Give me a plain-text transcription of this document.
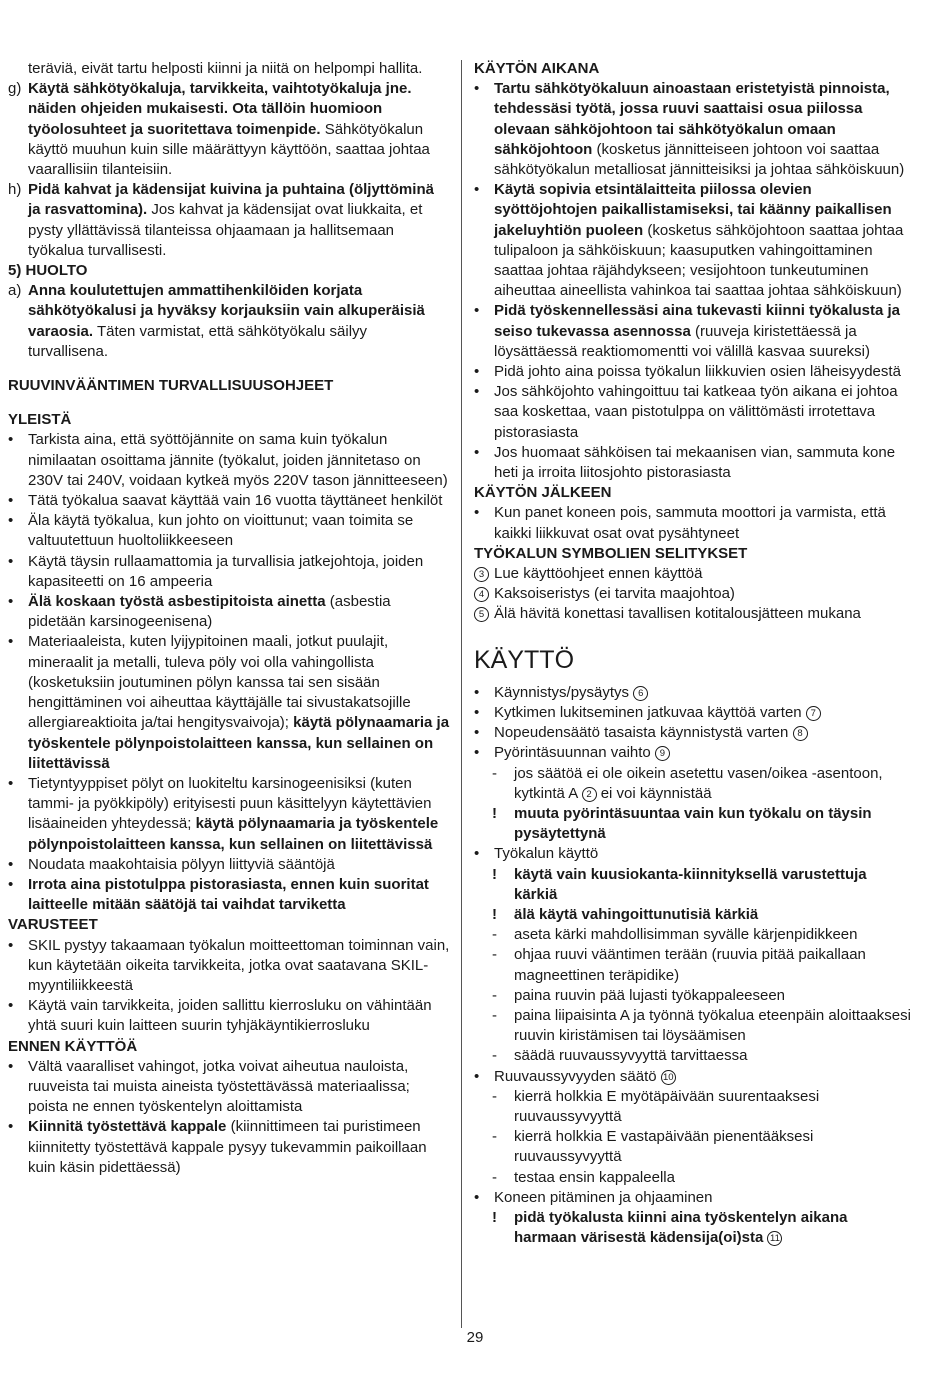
teräviä, eivät tartu helposti kiinni ja niitä on helpompi hallita.

g) Käytä sähkötyökaluja, tarvikkeita, vaihtotyökaluja jne. näiden ohjeiden mukaisesti. Ota tällöin huomioon työolosuhteet ja suoritettava toimenpide. Sähkötyökalun käyttö muuhun kuin sille määrättyyn käyttöön, saattaa johtaa vaarallisiin tilanteisiin.
h) Pidä kahvat ja kädensijat kuivina ja puhtaina (öljyttöminä ja rasvattomina). Jos kahvat ja kädensijat ovat liukkaita, et pysty yllättävissä tilanteissa ohjaamaan ja hallitsemaan työkalua turvallisesti.

5) HUOLTO

a) Anna koulutettujen ammattihenkilöiden korjata sähkötyökalusi ja hyväksy korjauksiin vain alkuperäisiä varaosia. Täten varmistat, että sähkötyökalu säilyy turvallisena.

RUUVINVÄÄNTIMEN TURVALLISUUSOHJEET

YLEISTÄ

• Tarkista aina, että syöttöjännite on sama kuin työkalun nimilaatan osoittama jännite (työkalut, joiden jännitetaso on 230V tai 240V, voidaan kytkeä myös 220V tason jännitteeseen)
• Tätä työkalua saavat käyttää vain 16 vuotta täyttäneet henkilöt
• Äla käytä työkalua, kun johto on vioittunut; vaan toimita se valtuutettuun huoltoliikkeeseen
• Käytä täysin rullaamattomia ja turvallisia jatkejohtoja, joiden kapasiteetti on 16 ampeeria
• Älä koskaan työstä asbestipitoista ainetta (asbestia pidetään karsinogeenisena)
• Materiaaleista, kuten lyijypitoinen maali, jotkut puulajit, mineraalit ja metalli, tuleva pöly voi olla vahingollista (kosketuksiin joutuminen pölyn kanssa tai sen sisään hengittäminen voi aiheuttaa käyttäjälle tai sivustakatsojille allergiareaktioita ja/tai hengitysvaivoja); käytä pölynaamaria ja työskentele pölynpoistolaitteen kanssa, kun sellainen on liitettävissä
• Tietyntyyppiset pölyt on luokiteltu karsinogeenisiksi (kuten tammi- ja pyökkipöly) erityisesti puun käsittelyyn käytettävien lisäaineiden yhteydessä; käytä pölynaamaria ja työskentele pölynpoistolaitteen kanssa, kun sellainen on liitettävissä
• Noudata maakohtaisia pölyyn liittyviä sääntöjä
• Irrota aina pistotulppa pistorasiasta, ennen kuin suoritat laitteelle mitään säätöjä tai vaihdat tarviketta

VARUSTEET

• SKIL pystyy takaamaan työkalun moitteettoman toiminnan vain, kun käytetään oikeita tarvikkeita, jotka ovat saatavana SKIL-myyntiliikkeestä
• Käytä vain tarvikkeita, joiden sallittu kierrosluku on vähintään yhtä suuri kuin laitteen suurin tyhjäkäyntikierrosluku

ENNEN KÄYTTÖÄ

• Vältä vaaralliset vahingot, jotka voivat aiheutua nauloista, ruuveista tai muista aineista työstettävässä materiaalissa; poista ne ennen työskentelyn aloittamista
• Kiinnitä työstettävä kappale (kiinnittimeen tai puristimeen kiinnitetty työstettävä kappale pysyy tukevammin paikoillaan kuin käsin pidettäessä)

KÄYTÖN AIKANA

• Tartu sähkötyökaluun ainoastaan eristetyistä pinnoista, tehdessäsi työtä, jossa ruuvi saattaisi osua piilossa olevaan sähköjohtoon tai sähkötyökalun omaan sähköjohtoon (kosketus jännitteiseen johtoon voi saattaa sähkötyökalun metalliosat jännitteisiksi ja johtaa sähköiskuun)
• Käytä sopivia etsintälaitteita piilossa olevien syöttöjohtojen paikallistamiseksi, tai käänny paikallisen jakeluyhtiön puoleen (kosketus sähköjohtoon saattaa johtaa tulipaloon ja sähköiskuun; kaasuputken vahingoittaminen saattaa johtaa räjähdykseen; vesijohtoon tunkeutuminen aiheuttaa aineellista vahinkoa tai saattaa johtaa sähköiskuun)
• Pidä työskennellessäsi aina tukevasti kiinni työkalusta ja seiso tukevassa asennossa (ruuveja kiristettäessä ja löysättäessä reaktiomomentti voi välillä kasvaa suureksi)
• Pidä johto aina poissa työkalun liikkuvien osien läheisyydestä
• Jos sähköjohto vahingoittuu tai katkeaa työn aikana ei johtoa saa koskettaa, vaan pistotulppa on välittömästi irrotettava pistorasiasta
• Jos huomaat sähköisen tai mekaanisen vian, sammuta kone heti ja irroita liitosjohto pistorasiasta

KÄYTÖN JÄLKEEN

• Kun panet koneen pois, sammuta moottori ja varmista, että kaikki liikkuvat osat ovat pysähtyneet

TYÖKALUN SYMBOLIEN SELITYKSET

3 Lue käyttöohjeet ennen käyttöä
4 Kaksoiseristys (ei tarvita maajohtoa)
5 Älä hävitä konettasi tavallisen kotitalousjätteen mukana

KÄYTTÖ

• Käynnistys/pysäytys 6
• Kytkimen lukitseminen jatkuvaa käyttöä varten 7
• Nopeudensäätö tasaista käynnistystä varten 8
• Pyörintäsuunnan vaihto 9
- jos säätöä ei ole oikein asetettu vasen/oikea -asentoon, kytkintä A 2 ei voi käynnistää
! muuta pyörintäsuuntaa vain kun työkalu on täysin pysäytettynä
• Työkalun käyttö
! käytä vain kuusiokanta-kiinnityksellä varustettuja kärkiä
! älä käytä vahingoittunutisiä kärkiä
- aseta kärki mahdollisimman syvälle kärjenpidikkeen
- ohjaa ruuvi vääntimen terään (ruuvia pitää paikallaan magneettinen teräpidike)
- paina ruuvin pää lujasti työkappaleeseen
- paina liipaisinta A ja työnnä työkalua eteenpäin aloittaaksesi ruuvin kiristämisen tai löysäämisen
- säädä ruuvaussyvyyttä tarvittaessa
• Ruuvaussyvyyden säätö 10
- kierrä holkkia E myötäpäivään suurentaaksesi ruuvaussyvyyttä
- kierrä holkkia E vastapäivään pienentääksesi ruuvaussyvyyttä
- testaa ensin kappaleella
• Koneen pitäminen ja ohjaaminen
! pidä työkalusta kiinni aina työskentelyn aikana harmaan värisestä kädensija(oi)sta 11
29
